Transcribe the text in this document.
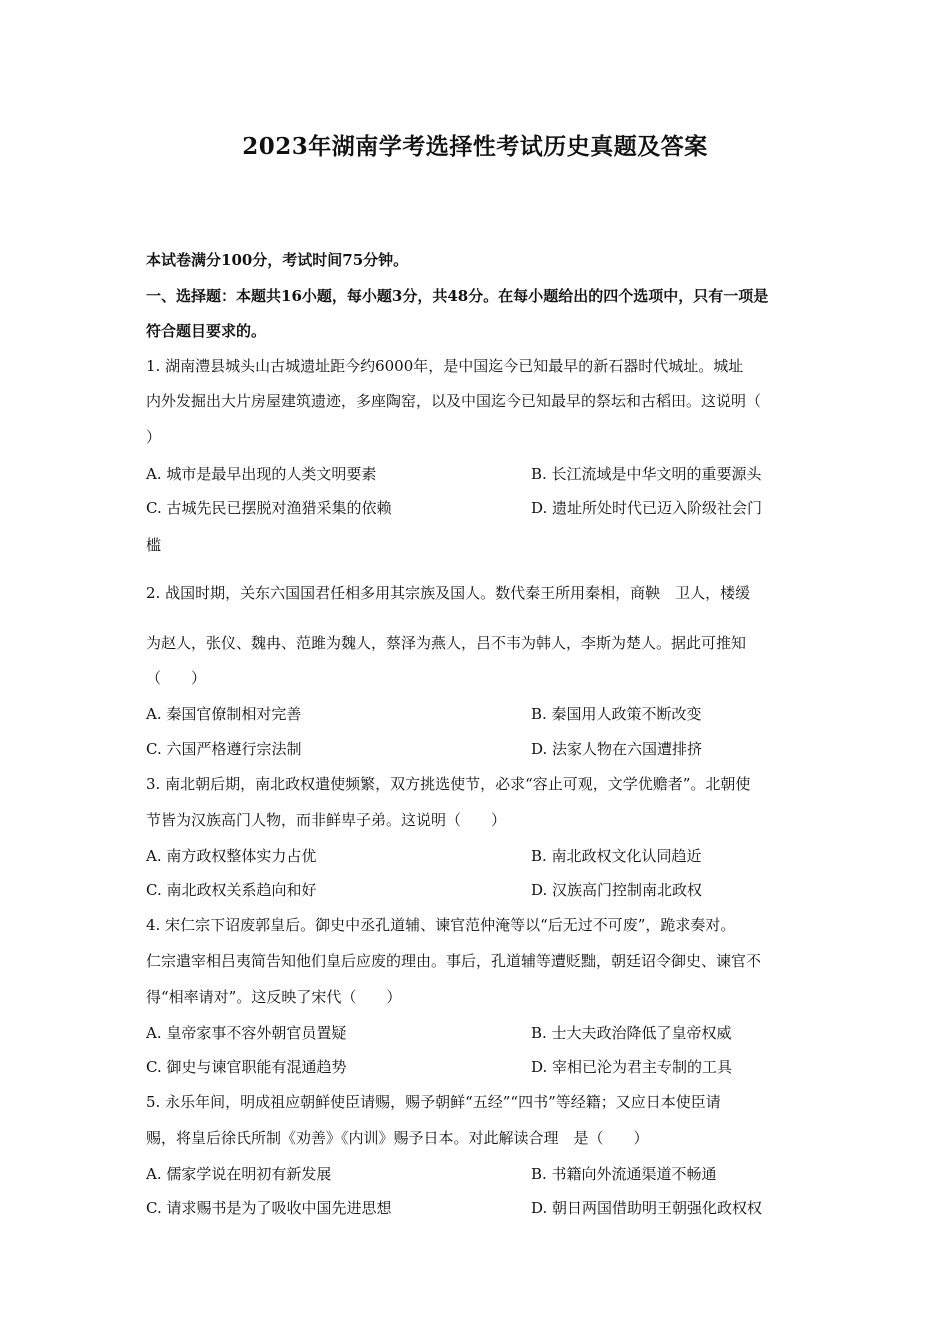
2023年湖南学考选择性考试历史真题及答案
本试卷满分100分，考试时间75分钟。
一、选择题：本题共16小题，每小题3分，共48分。在每小题给出的四个选项中，只有一项是
符合题目要求的。
1. 湖南澧县城头山古城遗址距今约6000年，是中国迄今已知最早的新石器时代城址。城址
内外发掘出大片房屋建筑遗迹，多座陶窑，以及中国迄今已知最早的祭坛和古稻田。这说明（
）
A. 城市是最早出现的人类文明要素	B. 长江流域是中华文明的重要源头
C. 古城先民已摆脱对渔猎采集的依赖	D. 遗址所处时代已迈入阶级社会门
槛
2. 战国时期，关东六国国君任相多用其宗族及国人。数代秦王所用秦相，商鞅　卫人，楼缓
为赵人，张仪、魏冉、范雎为魏人，蔡泽为燕人，吕不韦为韩人，李斯为楚人。据此可推知
（　　）
A. 秦国官僚制相对完善	B. 秦国用人政策不断改变
C. 六国严格遵行宗法制	D. 法家人物在六国遭排挤
3. 南北朝后期，南北政权遣使频繁，双方挑选使节，必求“容止可观，文学优赡者”。北朝使
节皆为汉族高门人物，而非鲜卑子弟。这说明（　　）
A. 南方政权整体实力占优	B. 南北政权文化认同趋近
C. 南北政权关系趋向和好	D. 汉族高门控制南北政权
4. 宋仁宗下诏废郭皇后。御史中丞孔道辅、谏官范仲淹等以“后无过不可废”，跪求奏对。
仁宗遣宰相吕夷简告知他们皇后应废的理由。事后，孔道辅等遭贬黜，朝廷诏令御史、谏官不
得“相率请对”。这反映了宋代（　　）
A. 皇帝家事不容外朝官员置疑	B. 士大夫政治降低了皇帝权威
C. 御史与谏官职能有混通趋势	D. 宰相已沦为君主专制的工具
5. 永乐年间，明成祖应朝鲜使臣请赐，赐予朝鲜“五经”“四书”等经籍；又应日本使臣请
赐，将皇后徐氏所制《劝善》《内训》赐予日本。对此解读合理　是（　　）
A. 儒家学说在明初有新发展	B. 书籍向外流通渠道不畅通
C. 请求赐书是为了吸收中国先进思想	D. 朝日两国借助明王朝强化政权权
